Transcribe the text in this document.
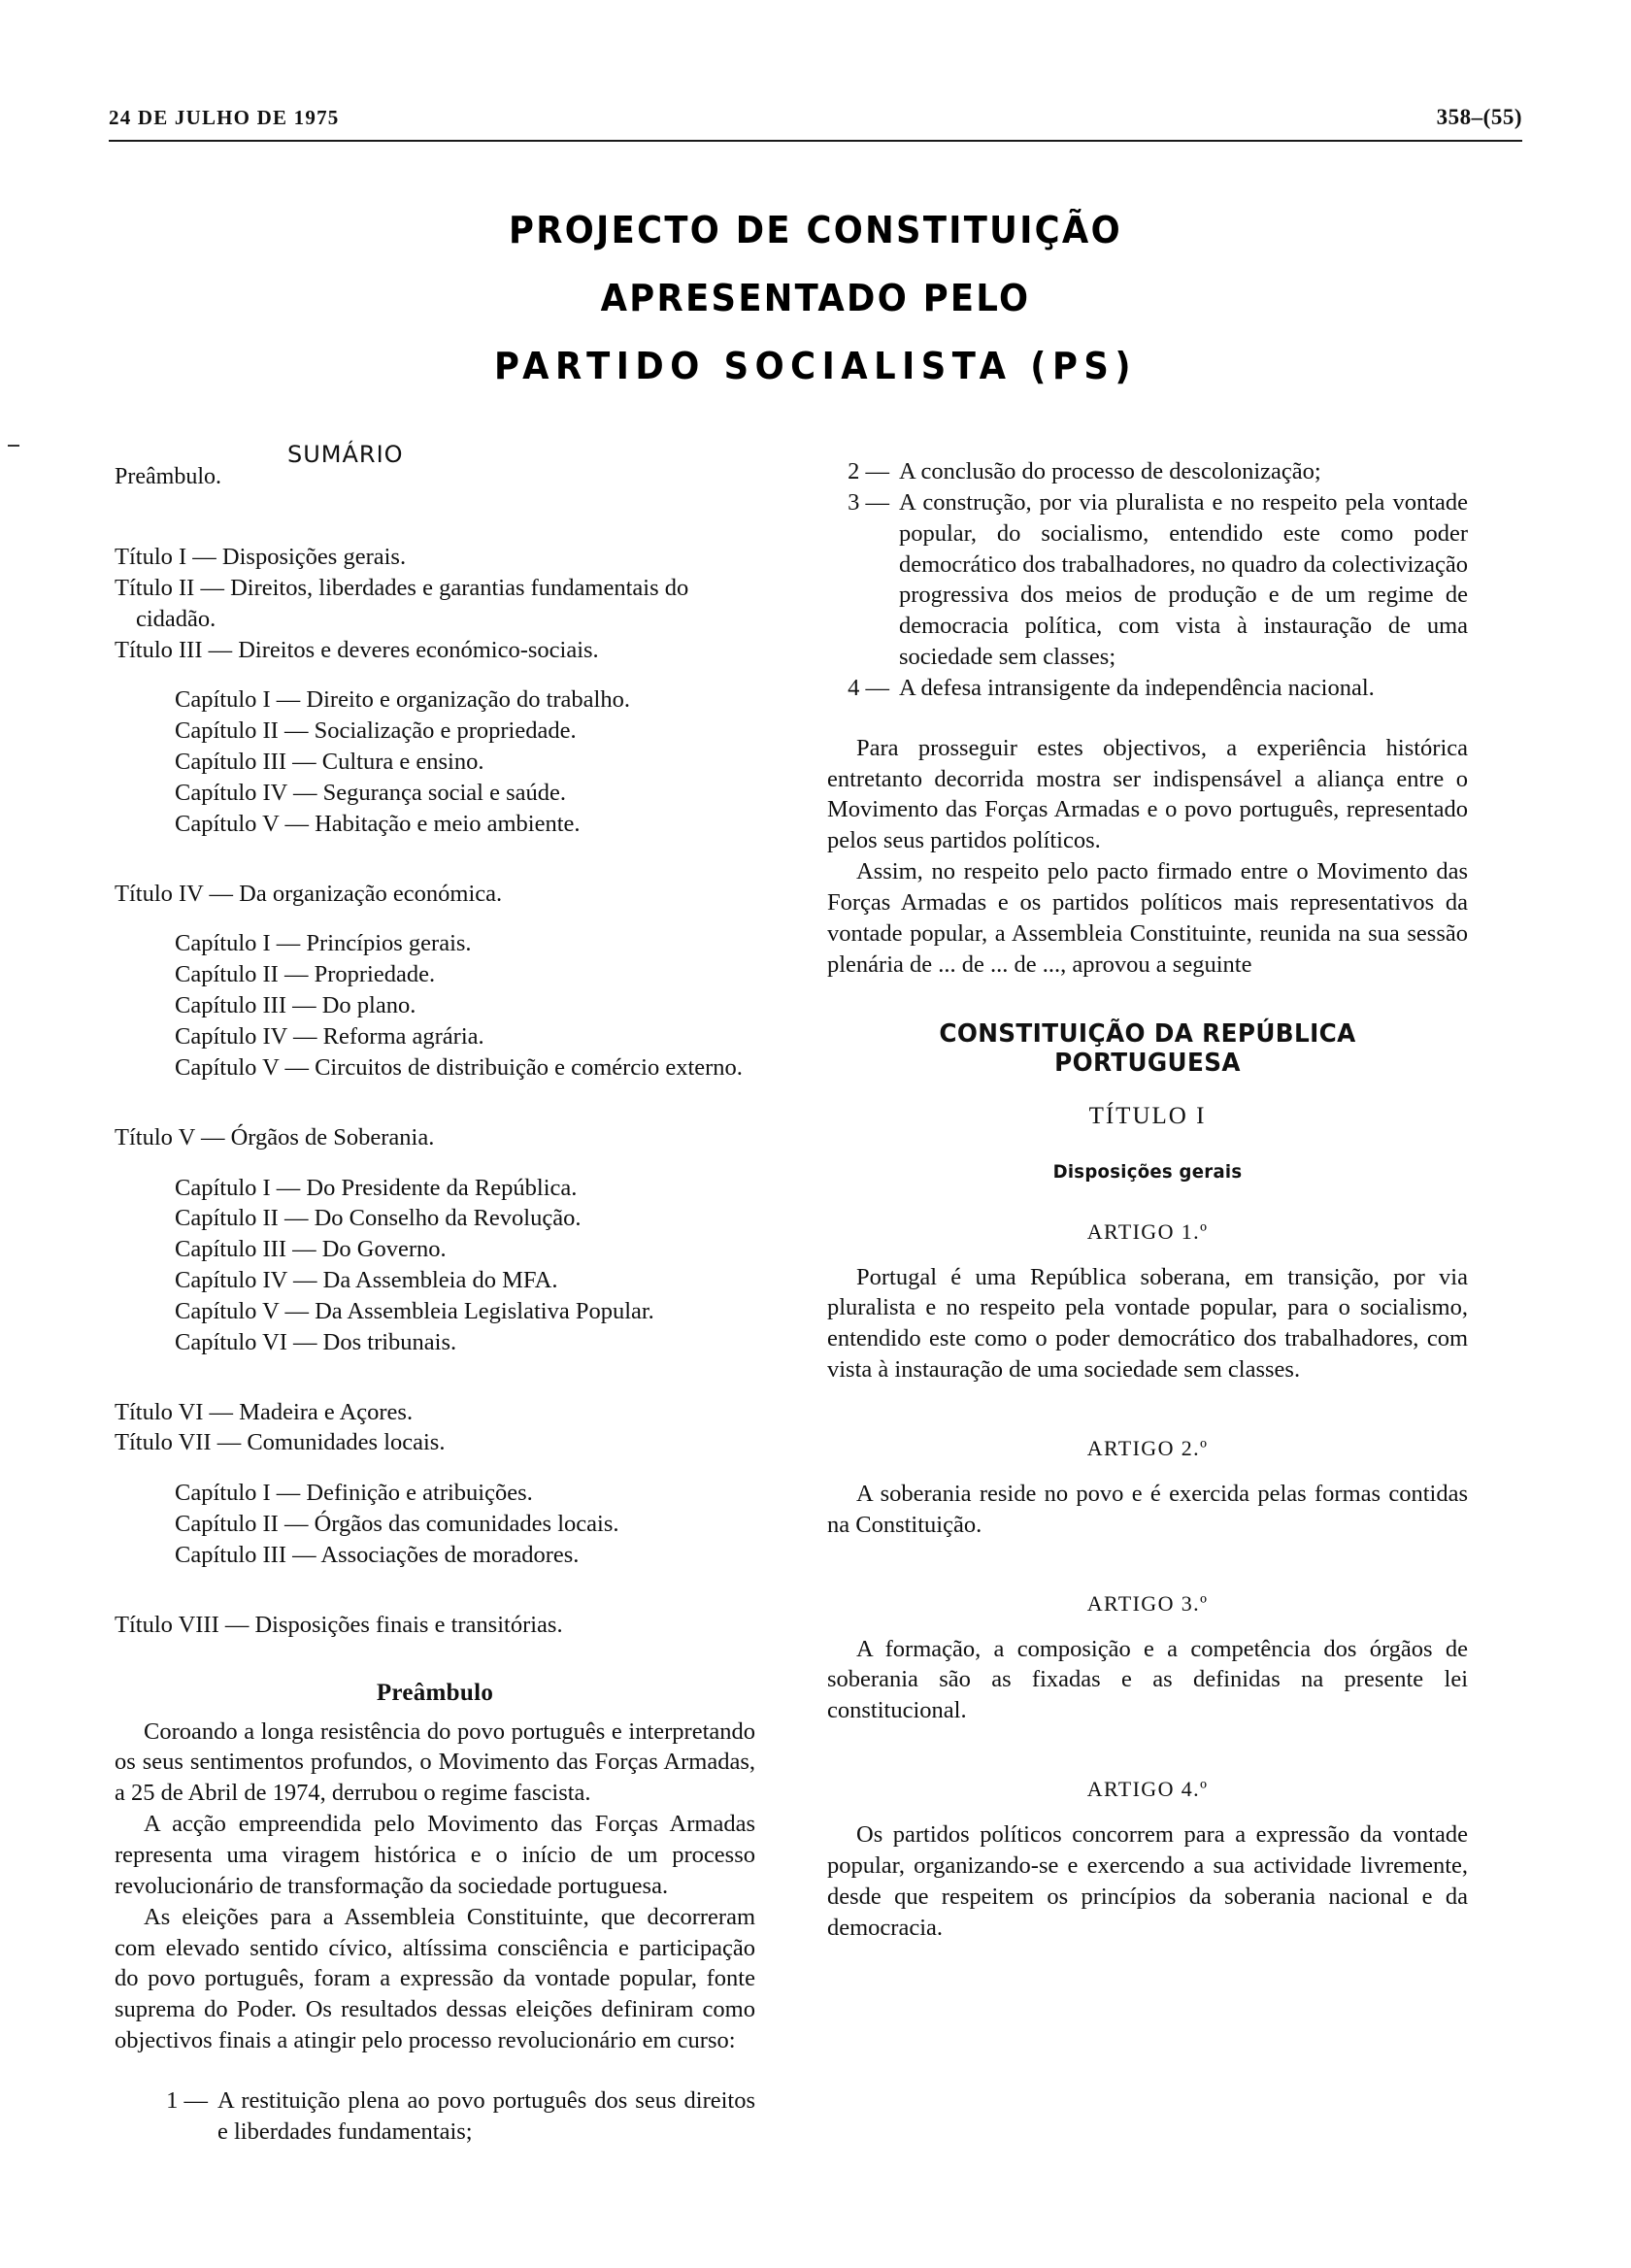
24 DE JULHO DE 1975	358–(55)
PROJECTO DE CONSTITUIÇÃO
APRESENTADO PELO
PARTIDO SOCIALISTA (PS)
SUMÁRIO
Preâmbulo.
Título I — Disposições gerais.
Título II — Direitos, liberdades e garantias fundamentais do cidadão.
Título III — Direitos e deveres económico-sociais.
Capítulo I — Direito e organização do trabalho.
Capítulo II — Socialização e propriedade.
Capítulo III — Cultura e ensino.
Capítulo IV — Segurança social e saúde.
Capítulo V — Habitação e meio ambiente.
Título IV — Da organização económica.
Capítulo I — Princípios gerais.
Capítulo II — Propriedade.
Capítulo III — Do plano.
Capítulo IV — Reforma agrária.
Capítulo V — Circuitos de distribuição e comércio externo.
Título V — Órgãos de Soberania.
Capítulo I — Do Presidente da República.
Capítulo II — Do Conselho da Revolução.
Capítulo III — Do Governo.
Capítulo IV — Da Assembleia do MFA.
Capítulo V — Da Assembleia Legislativa Popular.
Capítulo VI — Dos tribunais.
Título VI — Madeira e Açores.
Título VII — Comunidades locais.
Capítulo I — Definição e atribuições.
Capítulo II — Órgãos das comunidades locais.
Capítulo III — Associações de moradores.
Título VIII — Disposições finais e transitórias.
Preâmbulo

Coroando a longa resistência do povo português e interpretando os seus sentimentos profundos, o Movimento das Forças Armadas, a 25 de Abril de 1974, derrubou o regime fascista.

A acção empreendida pelo Movimento das Forças Armadas representa uma viragem histórica e o início de um processo revolucionário de transformação da sociedade portuguesa.

As eleições para a Assembleia Constituinte, que decorreram com elevado sentido cívico, altíssima consciência e participação do povo português, foram a expressão da vontade popular, fonte suprema do Poder. Os resultados dessas eleições definiram como objectivos finais a atingir pelo processo revolucionário em curso:

1 — A restituição plena ao povo português dos seus direitos e liberdades fundamentais;
2 — A conclusão do processo de descolonização;
3 — A construção, por via pluralista e no respeito pela vontade popular, do socialismo, entendido este como poder democrático dos trabalhadores, no quadro da colectivização progressiva dos meios de produção e de um regime de democracia política, com vista à instauração de uma sociedade sem classes;
4 — A defesa intransigente da independência nacional.

Para prosseguir estes objectivos, a experiência histórica entretanto decorrida mostra ser indispensável a aliança entre o Movimento das Forças Armadas e o povo português, representado pelos seus partidos políticos.

Assim, no respeito pelo pacto firmado entre o Movimento das Forças Armadas e os partidos políticos mais representativos da vontade popular, a Assembleia Constituinte, reunida na sua sessão plenária de ... de ... de ..., aprovou a seguinte

CONSTITUIÇÃO DA REPÚBLICA PORTUGUESA
TÍTULO I
Disposições gerais
ARTIGO 1.º

Portugal é uma República soberana, em transição, por via pluralista e no respeito pela vontade popular, para o socialismo, entendido este como o poder democrático dos trabalhadores, com vista à instauração de uma sociedade sem classes.

ARTIGO 2.º

A soberania reside no povo e é exercida pelas formas contidas na Constituição.

ARTIGO 3.º

A formação, a composição e a competência dos órgãos de soberania são as fixadas e as definidas na presente lei constitucional.

ARTIGO 4.º

Os partidos políticos concorrem para a expressão da vontade popular, organizando-se e exercendo a sua actividade livremente, desde que respeitem os princípios da soberania nacional e da democracia.
